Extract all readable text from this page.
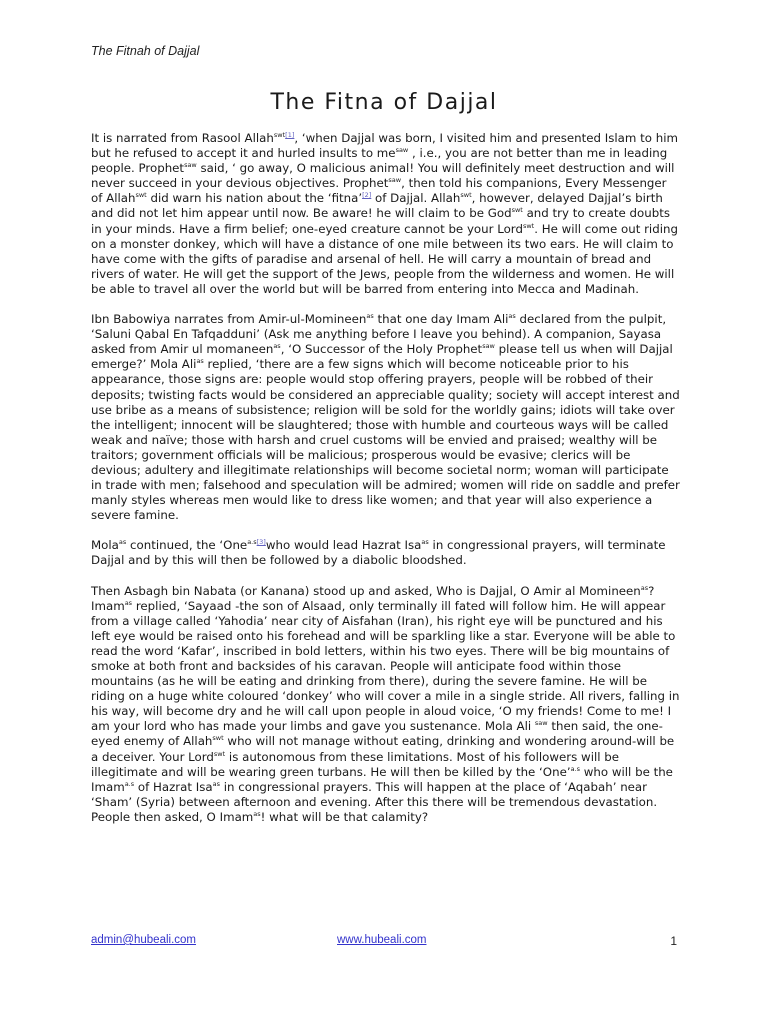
The Fitnah of Dajjal
The Fitna of Dajjal

It is narrated from Rasool Allah$^{swt[1]}$, ‘when Dajjal was born, I visited him and presented Islam to him but he refused to accept it and hurled insults to $me^{saw}$ , i.e., you are not better than me in leading people. Prophet$^{saw}$ said, ‘ go away, O malicious animal! You will definitely meet destruction and will never succeed in your devious objectives. Prophet$^{saw}$, then told his companions, Every Messenger of Allah$^{swt}$ did warn his nation about the ‘fitna’[2] of Dajjal. Allah$^{swt}$, however, delayed Dajjal’s birth and did not let him appear until now. Be aware! he will claim to be God$^{swt}$ and try to create doubts in your minds. Have a firm belief; one-eyed creature cannot be your Lord$^{swt}$. He will come out riding on a monster donkey, which will have a distance of one mile between its two ears. He will claim to have come with the gifts of paradise and arsenal of hell. He will carry a mountain of bread and rivers of water. He will get the support of the Jews, people from the wilderness and women. He will be able to travel all over the world but will be barred from entering into Mecca and Madinah.

Ibn Babowiya narrates from Amir-ul-Momineen$^{as}$ that one day Imam Ali$^{as}$ declared from the pulpit, ‘Saluni Qabal En Tafqadduni’ (Ask me anything before I leave you behind). A companion, Sayasa asked from Amir ul momaneen$^{as}$, ‘O Successor of the Holy Prophet$^{saw}$ please tell us when will Dajjal emerge?’ Mola Ali$^{as}$ replied, ‘there are a few signs which will become noticeable prior to his appearance, those signs are: people would stop offering prayers, people will be robbed of their deposits; twisting facts would be considered an appreciable quality; society will accept interest and use bribe as a means of subsistence; religion will be sold for the worldly gains; idiots will take over the intelligent; innocent will be slaughtered; those with humble and courteous ways will be called weak and naïve; those with harsh and cruel customs will be envied and praised; wealthy will be traitors; government officials will be malicious; prosperous would be evasive; clerics will be devious; adultery and illegitimate relationships will become societal norm; woman will participate in trade with men; falsehood and speculation will be admired; women will ride on saddle and prefer manly styles whereas men would like to dress like women; and that year will also experience a severe famine.

Mola$^{as}$ continued, the ‘One$^{a.s[3]}$who would lead Hazrat Isa$^{as}$ in congressional prayers, will terminate Dajjal and by this will then be followed by a diabolic bloodshed.

Then Asbagh bin Nabata (or Kanana) stood up and asked, Who is Dajjal, O Amir al Momineen$^{as}$? Imam$^{as}$ replied, ‘Sayaad -the son of Alsaad, only terminally ill fated will follow him. He will appear from a village called ‘Yahodia’ near city of Aisfahan (Iran), his right eye will be punctured and his left eye would be raised onto his forehead and will be sparkling like a star. Everyone will be able to read the word ‘Kafar’, inscribed in bold letters, within his two eyes. There will be big mountains of smoke at both front and backsides of his caravan. People will anticipate food within those mountains (as he will be eating and drinking from there), during the severe famine. He will be riding on a huge white coloured ‘donkey’ who will cover a mile in a single stride. All rivers, falling in his way, will become dry and he will call upon people in aloud voice, ‘O my friends! Come to me! I am your lord who has made your limbs and gave you sustenance. Mola Ali $^{saw}$ then said, the one-eyed enemy of Allah$^{swt}$ who will not manage without eating, drinking and wondering around-will be a deceiver. Your Lord$^{swt}$ is autonomous from these limitations. Most of his followers will be illegitimate and will be wearing green turbans. He will then be killed by the ‘One’$^{a.s}$ who will be the Imam$^{a.s}$ of Hazrat Isa$^{as}$ in congressional prayers. This will happen at the place of ‘Aqabah’ near ‘Sham’ (Syria) between afternoon and evening. After this there will be tremendous devastation. People then asked, O Imam$^{as}$! what will be that calamity?

admin@hubeali.com	www.hubeali.com	1
